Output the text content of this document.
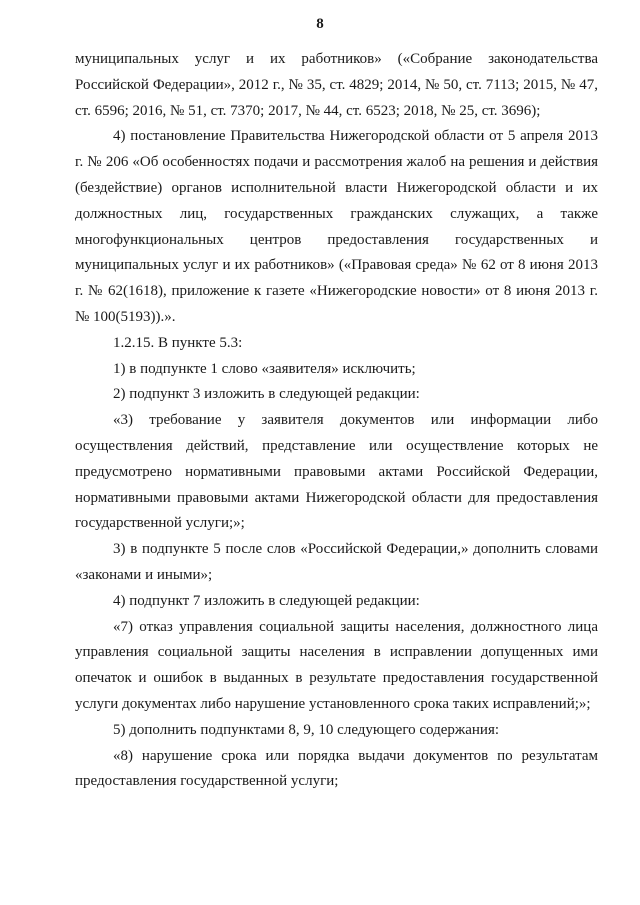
8

муниципальных услуг и их работников» («Собрание законодательства Российской Федерации», 2012 г., № 35, ст. 4829; 2014, № 50, ст. 7113; 2015, № 47, ст. 6596; 2016, № 51, ст. 7370; 2017, № 44, ст. 6523; 2018, № 25, ст. 3696);

4) постановление Правительства Нижегородской области от 5 апреля 2013 г. № 206 «Об особенностях подачи и рассмотрения жалоб на решения и действия (бездействие) органов исполнительной власти Нижегородской области и их должностных лиц, государственных гражданских служащих, а также многофункциональных центров предоставления государственных и муниципальных услуг и их работников» («Правовая среда» № 62 от 8 июня 2013 г. № 62(1618), приложение к газете «Нижегородские новости» от 8 июня 2013 г. № 100(5193)).».

1.2.15. В пункте 5.3:

1) в подпункте 1 слово «заявителя» исключить;

2) подпункт 3 изложить в следующей редакции:

«3) требование у заявителя документов или информации либо осуществления действий, представление или осуществление которых не предусмотрено нормативными правовыми актами Российской Федерации, нормативными правовыми актами Нижегородской области для предоставления государственной услуги;»;

3) в подпункте 5 после слов «Российской Федерации,» дополнить словами «законами и иными»;

4) подпункт 7 изложить в следующей редакции:

«7) отказ управления социальной защиты населения, должностного лица управления социальной защиты населения в исправлении допущенных ими опечаток и ошибок в выданных в результате предоставления государственной услуги документах либо нарушение установленного срока таких исправлений;»;

5) дополнить подпунктами 8, 9, 10 следующего содержания:

«8) нарушение срока или порядка выдачи документов по результатам предоставления государственной услуги;
